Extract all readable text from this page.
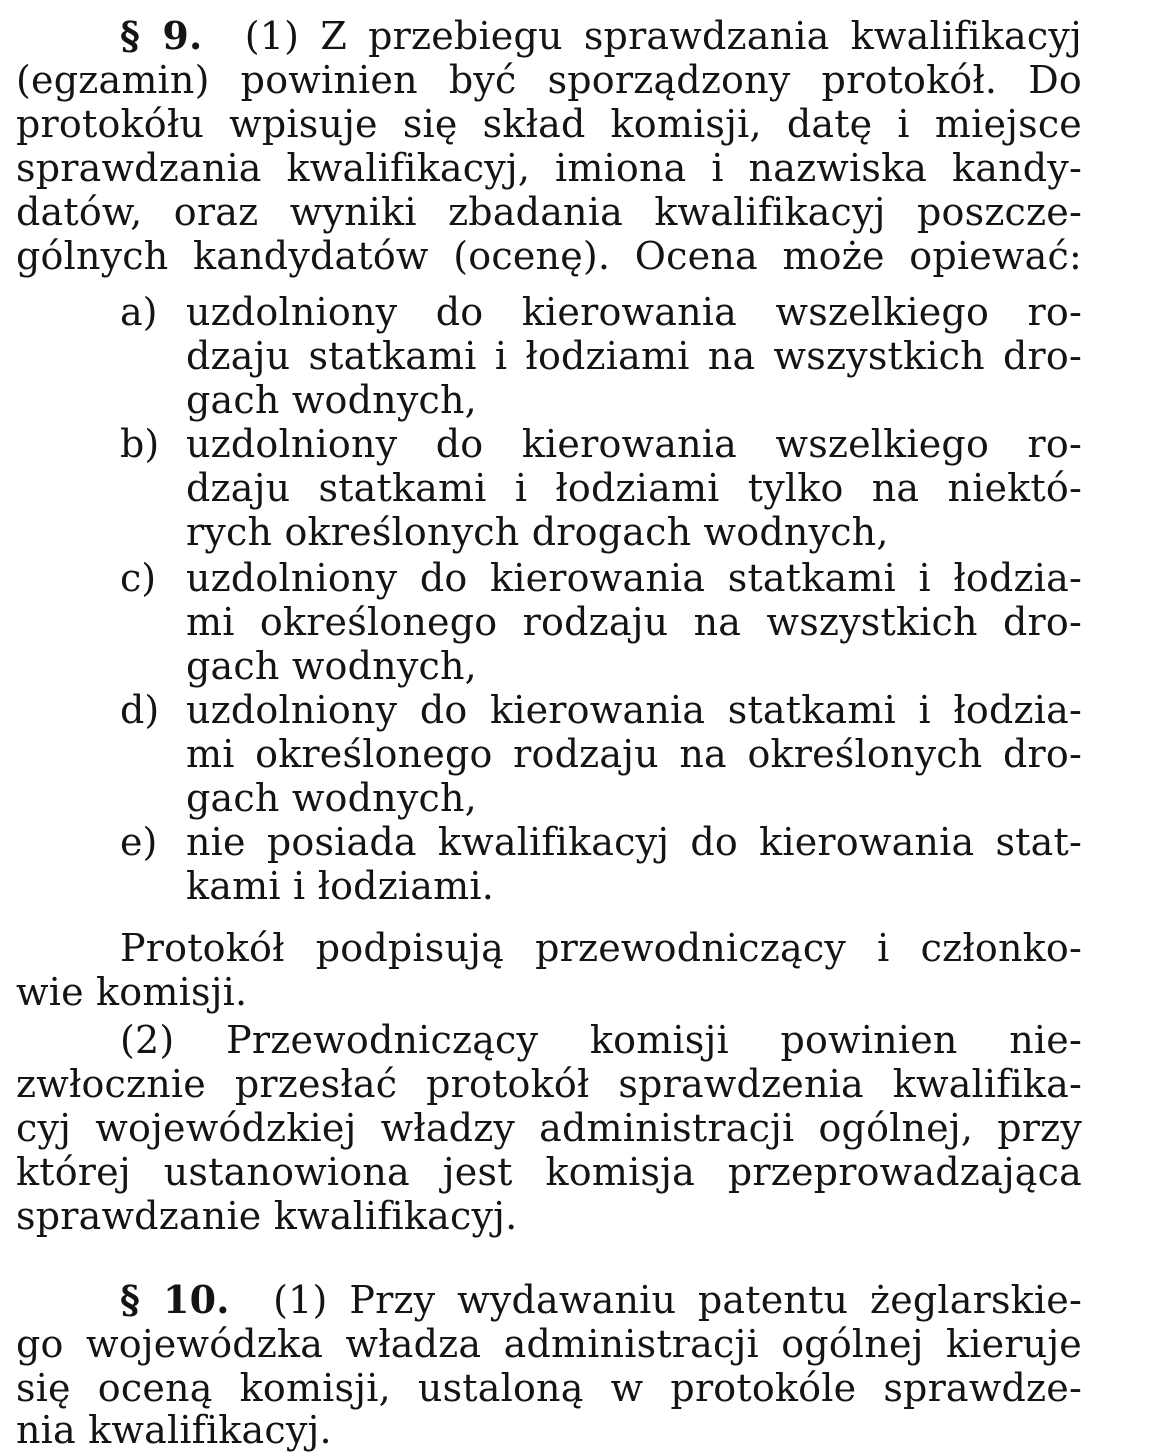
§ 9. (1) Z przebiegu sprawdzania kwalifikacyj
(egzamin) powinien być sporządzony protokół. Do
protokółu wpisuje się skład komisji, datę i miejsce
sprawdzania kwalifikacyj, imiona i nazwiska kandy-
datów, oraz wyniki zbadania kwalifikacyj poszcze-
gólnych kandydatów (ocenę). Ocena może opiewać:
a) uzdolniony do kierowania wszelkiego ro-
dzaju statkami i łodziami na wszystkich dro-
gach wodnych,
b) uzdolniony do kierowania wszelkiego ro-
dzaju statkami i łodziami tylko na niektó-
rych określonych drogach wodnych,
c) uzdolniony do kierowania statkami i łodzia-
mi określonego rodzaju na wszystkich dro-
gach wodnych,
d) uzdolniony do kierowania statkami i łodzia-
mi określonego rodzaju na określonych dro-
gach wodnych,
e) nie posiada kwalifikacyj do kierowania stat-
kami i łodziami.
Protokół podpisują przewodniczący i członko-
wie komisji.
(2) Przewodniczący komisji powinien nie-
zwłocznie przesłać protokół sprawdzenia kwalifika-
cyj wojewódzkiej władzy administracji ogólnej, przy
której ustanowiona jest komisja przeprowadzająca
sprawdzanie kwalifikacyj.
§ 10. (1) Przy wydawaniu patentu żeglarskie-
go wojewódzka władza administracji ogólnej kieruje
się oceną komisji, ustaloną w protokóle sprawdze-
nia kwalifikacyj.
